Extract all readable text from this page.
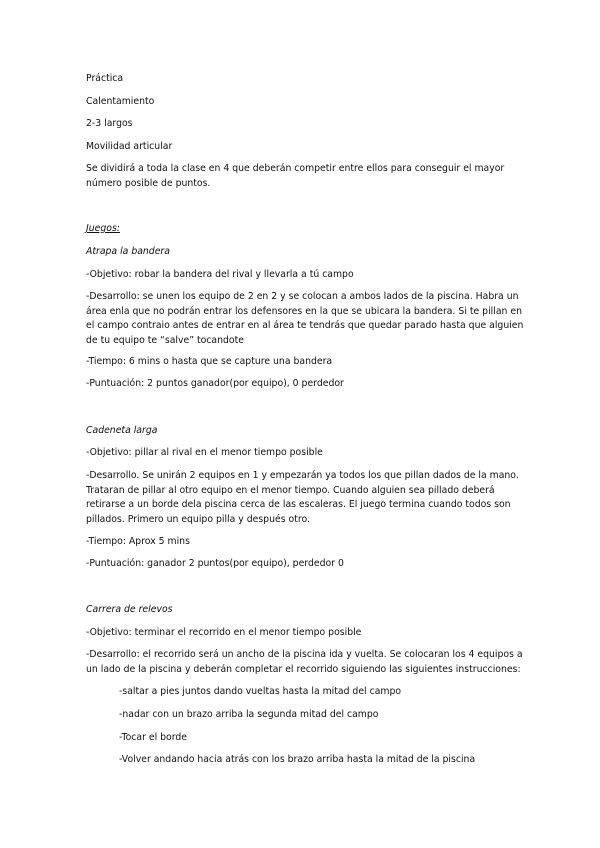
Práctica

Calentamiento

2-3 largos

Movilidad articular

Se dividirá a toda la clase en 4 que deberán competir entre ellos para conseguir el mayor número posible de puntos.

Juegos:

Atrapa la bandera

-Objetivo: robar la bandera del rival y llevarla a tú campo

-Desarrollo: se unen los equipo de 2 en 2 y se colocan a ambos lados de la piscina. Habra un área enla que no podrán entrar los defensores en la que se ubicara la bandera. Si te pillan en el campo contraio antes de entrar en al área te tendrás que quedar parado hasta que alguien de tu equipo te “salve” tocandote

-Tiempo: 6 mins o hasta que se capture una bandera

-Puntuación: 2 puntos ganador(por equipo), 0 perdedor

Cadeneta larga

-Objetivo: pillar al rival en el menor tiempo posible

-Desarrollo. Se unirán 2 equipos en 1 y empezarán ya todos los que pillan dados de la mano. Trataran de pillar al otro equipo en el menor tiempo. Cuando alguien sea pillado deberá retirarse a un borde dela piscina cerca de las escaleras. El juego termina cuando todos son pillados. Primero un equipo pilla y después otro.

-Tiempo: Aprox 5 mins

-Puntuación: ganador 2 puntos(por equipo), perdedor 0

Carrera de relevos

-Objetivo: terminar el recorrido en el menor tiempo posible

-Desarrollo: el recorrido será un ancho de la piscina ida y vuelta. Se colocaran los 4 equipos a un lado de la piscina y deberán completar el recorrido siguiendo las siguientes instrucciones:

-saltar a pies juntos dando vueltas hasta la mitad del campo

-nadar con un brazo arriba la segunda mitad del campo

-Tocar el borde

-Volver andando hacia atrás con los brazo arriba hasta la mitad de la piscina
